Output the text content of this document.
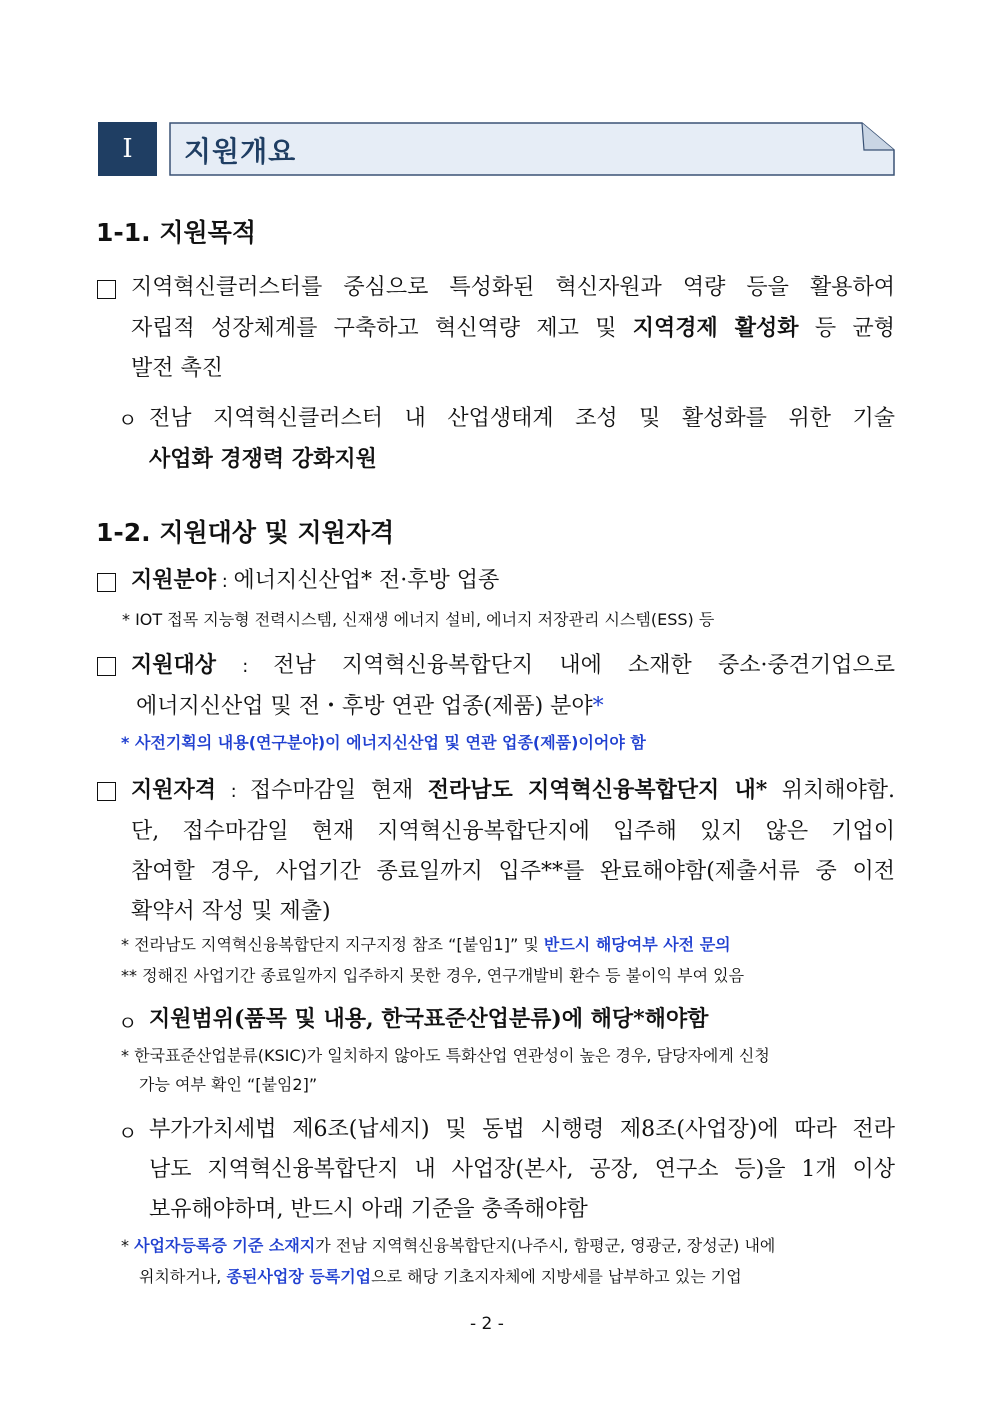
I	지원개요
1-1. 지원목적
지역혁신클러스터를 중심으로 특성화된 혁신자원과 역량 등을 활용하여
자립적 성장체계를 구축하고 혁신역량 제고 및 지역경제 활성화 등 균형
발전 촉진
ㅇ 전남 지역혁신클러스터 내 산업생태계 조성 및 활성화를 위한 기술
사업화 경쟁력 강화지원
1-2. 지원대상 및 지원자격
지원분야 : 에너지신산업* 전·후방 업종
* IOT 접목 지능형 전력시스템, 신재생 에너지 설비, 에너지 저장관리 시스템(ESS) 등
지원대상 : 전남 지역혁신융복합단지 내에 소재한 중소·중견기업으로
에너지신산업 및 전・후방 연관 업종(제품) 분야*
* 사전기획의 내용(연구분야)이 에너지신산업 및 연관 업종(제품)이어야 함
지원자격 : 접수마감일 현재 전라남도 지역혁신융복합단지 내* 위치해야함.
단, 접수마감일 현재 지역혁신융복합단지에 입주해 있지 않은 기업이
참여할 경우, 사업기간 종료일까지 입주**를 완료해야함(제출서류 중 이전
확약서 작성 및 제출)
* 전라남도 지역혁신융복합단지 지구지정 참조 “[붙임1]” 및 반드시 해당여부 사전 문의
** 정해진 사업기간 종료일까지 입주하지 못한 경우, 연구개발비 환수 등 불이익 부여 있음
ㅇ 지원범위(품목 및 내용, 한국표준산업분류)에 해당*해야함
* 한국표준산업분류(KSIC)가 일치하지 않아도 특화산업 연관성이 높은 경우, 담당자에게 신청
가능 여부 확인 “[붙임2]”
ㅇ 부가가치세법 제6조(납세지) 및 동법 시행령 제8조(사업장)에 따라 전라
남도 지역혁신융복합단지 내 사업장(본사, 공장, 연구소 등)을 1개 이상
보유해야하며, 반드시 아래 기준을 충족해야함
* 사업자등록증 기준 소재지가 전남 지역혁신융복합단지(나주시, 함평군, 영광군, 장성군) 내에
위치하거나, 종된사업장 등록기업으로 해당 기초지자체에 지방세를 납부하고 있는 기업
- 2 -
